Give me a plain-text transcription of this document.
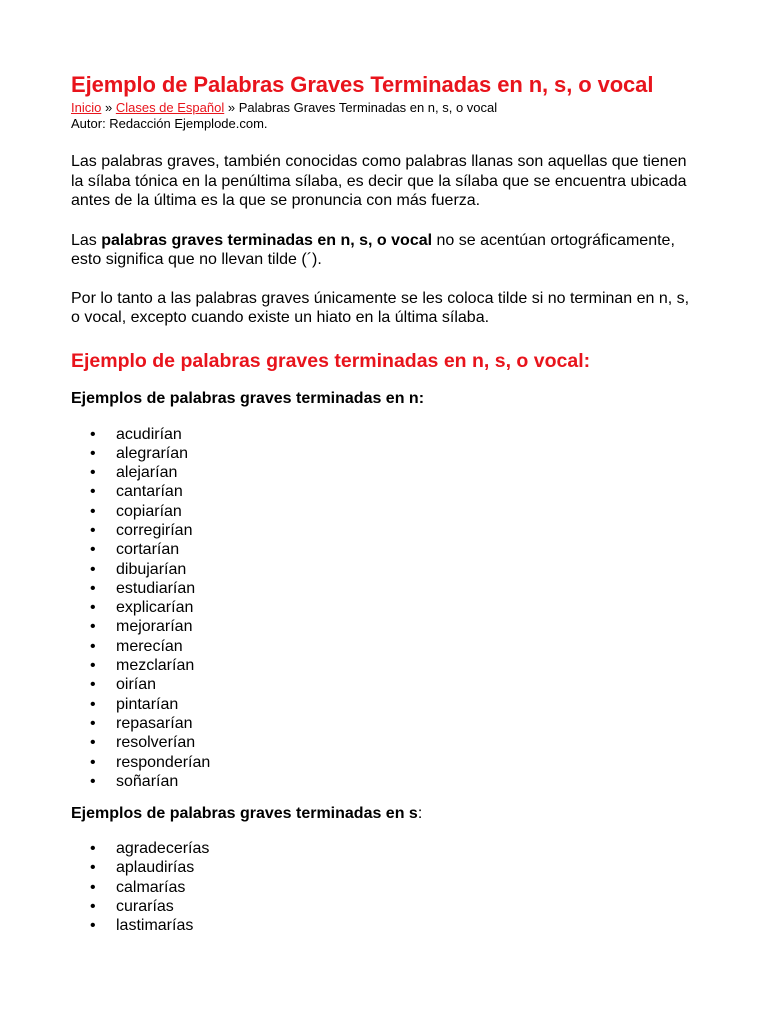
Ejemplo de Palabras Graves Terminadas en n, s, o vocal
Inicio » Clases de Español » Palabras Graves Terminadas en n, s, o vocal
Autor: Redacción Ejemplode.com.

Las palabras graves, también conocidas como palabras llanas son aquellas que tienen la sílaba tónica en la penúltima sílaba, es decir que la sílaba que se encuentra ubicada antes de la última es la que se pronuncia con más fuerza.

Las palabras graves terminadas en n, s, o vocal no se acentúan ortográficamente, esto significa que no llevan tilde (´).

Por lo tanto a las palabras graves únicamente se les coloca tilde si no terminan en n, s, o vocal, excepto cuando existe un hiato en la última sílaba.

Ejemplo de palabras graves terminadas en n, s, o vocal:
Ejemplos de palabras graves terminadas en n:
• acudirían
• alegrarían
• alejarían
• cantarían
• copiarían
• corregirían
• cortarían
• dibujarían
• estudiarían
• explicarían
• mejorarían
• merecían
• mezclarían
• oirían
• pintarían
• repasarían
• resolverían
• responderían
• soñarían
Ejemplos de palabras graves terminadas en s:
• agradecerías
• aplaudirías
• calmarías
• curarías
• lastimarías
